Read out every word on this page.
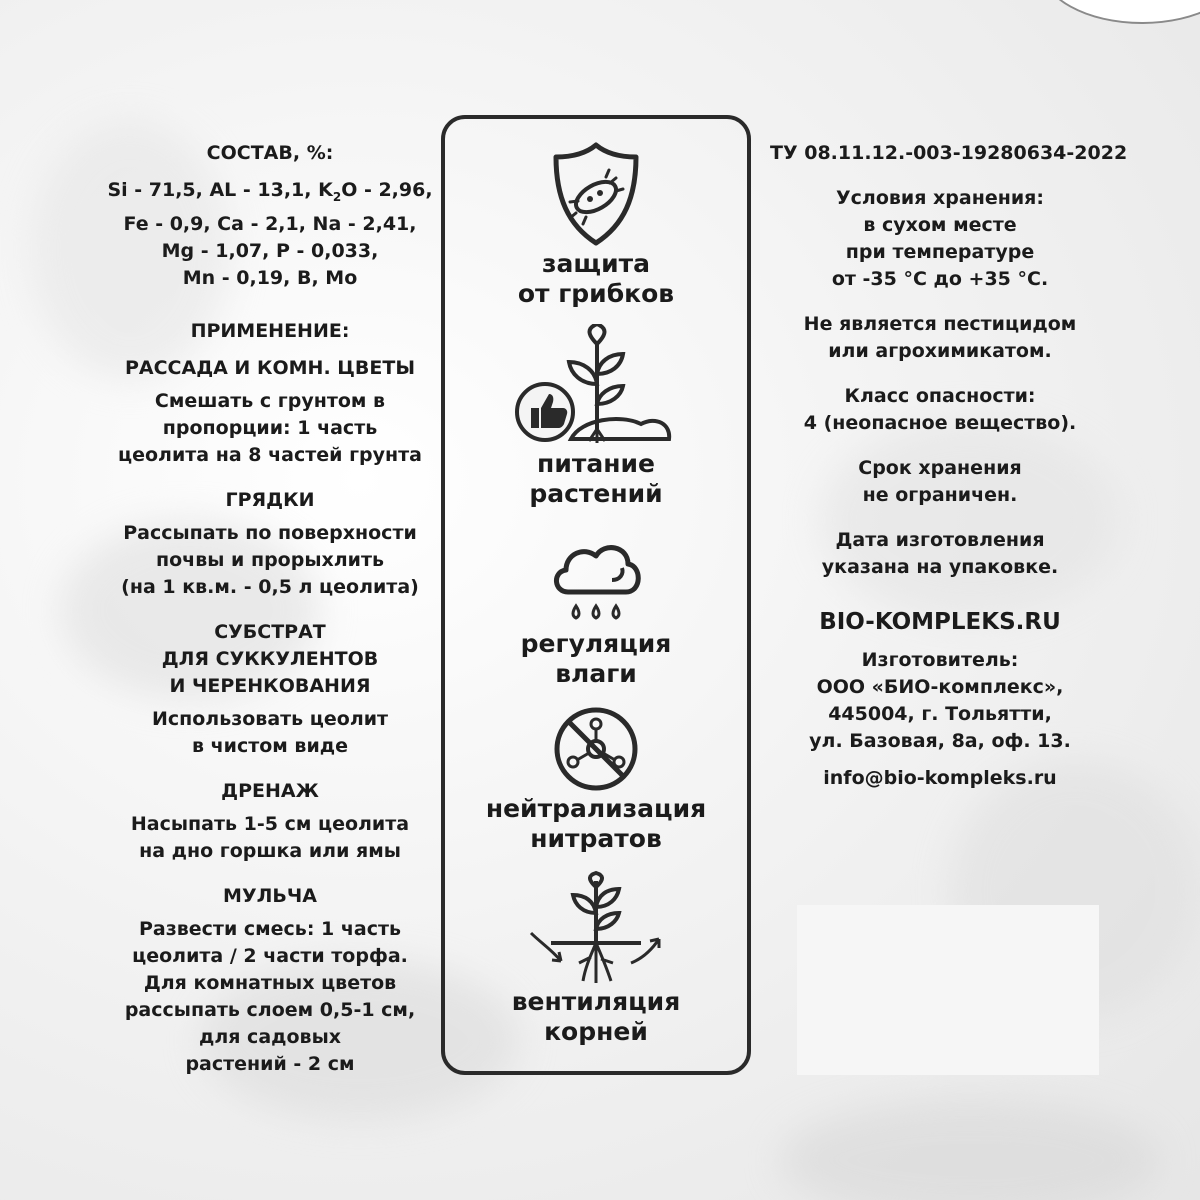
СОСТАВ, %:
Si - 71,5, AL - 13,1, $K_2O - 2,96$,
Fe - 0,9, Ca - 2,1, Na - 2,41,
Mg - 1,07, P - 0,033,
Mn - 0,19, B, Mo
ПРИМЕНЕНИЕ:
РАССАДА И КОМН. ЦВЕТЫ
Смешать с грунтом в
пропорции: 1 часть
цеолита на 8 частей грунта
ГРЯДКИ
Рассыпать по поверхности
почвы и прорыхлить
(на 1 кв.м. - 0,5 л цеолита)
СУБСТРАТ
ДЛЯ СУККУЛЕНТОВ
И ЧЕРЕНКОВАНИЯ
Использовать цеолит
в чистом виде
ДРЕНАЖ
Насыпать 1-5 см цеолита
на дно горшка или ямы
МУЛЬЧА
Развести смесь: 1 часть
цеолита / 2 части торфа.
Для комнатных цветов
рассыпать слоем 0,5-1 см,
для садовых
растений - 2 см
защита
от грибков
питание
растений
регуляция
влаги
нейтрализация
нитратов
вентиляция
корней
ТУ 08.11.12.-003-19280634-2022
Условия хранения:
в сухом месте
при температуре
от -35 °С до +35 °С.
Не является пестицидом
или агрохимикатом.
Класс опасности:
4 (неопасное вещество).
Срок хранения
не ограничен.
Дата изготовления
указана на упаковке.
BIO-KOMPLEKS.RU
Изготовитель:
ООО «БИО-комплекс»,
445004, г. Тольятти,
ул. Базовая, 8а, оф. 13.
info@bio-kompleks.ru
